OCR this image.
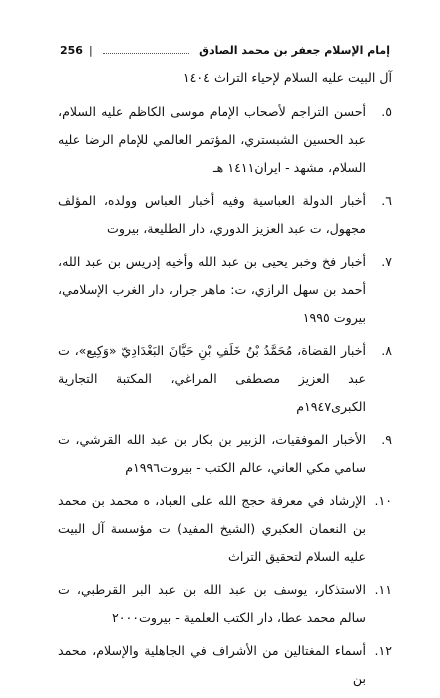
256 |	إمام الإسلام جعفر بن محمد الصادق

آل البيت عليه السلام لإحياء التراث ١٤٠٤

٥.
أحسن التراجم لأصحاب الإمام موسى الكاظم عليه السلام، عبد الحسين الشبستري، المؤتمر العالمي للإمام الرضا عليه السلام، مشهد - ايران١٤١١ هـ
٦.
أخبار الدولة العباسية وفيه أخبار العباس وولده، المؤلف مجهول، ت عبد العزيز الدوري، دار الطليعة، بيروت
٧.
أخبار فخ وخبر يحيى بن عبد الله وأخيه إدريس بن عبد الله، أحمد بن سهل الرازي، ت: ماهر جرار، دار الغرب الإسلامي، بيروت ١٩٩٥
٨.
أخبار القضاة، مُحَمَّدُ بْنُ خَلَفِ بْنِ حَيَّانَ البَغْدَادِيّ «وَكِيع»، ت عبد العزيز مصطفى المراغي، المكتبة التجارية الكبرى١٩٤٧م
٩.
الأخبار الموفقيات، الزبير بن بكار بن عبد الله القرشي، ت سامي مكي العاني، عالم الكتب - بيروت١٩٩٦م
١٠.
الإرشاد في معرفة حجج الله على العباد، ه محمد بن محمد بن النعمان العكبري (الشيخ المفيد) ت مؤسسة آل البيت عليه السلام لتحقيق التراث
١١.
الاستذكار، يوسف بن عبد الله بن عبد البر القرطبي، ت سالم محمد عطا، دار الكتب العلمية - بيروت٢٠٠٠
١٢.
أسماء المغتالين من الأشراف في الجاهلية والإسلام، محمد بن
